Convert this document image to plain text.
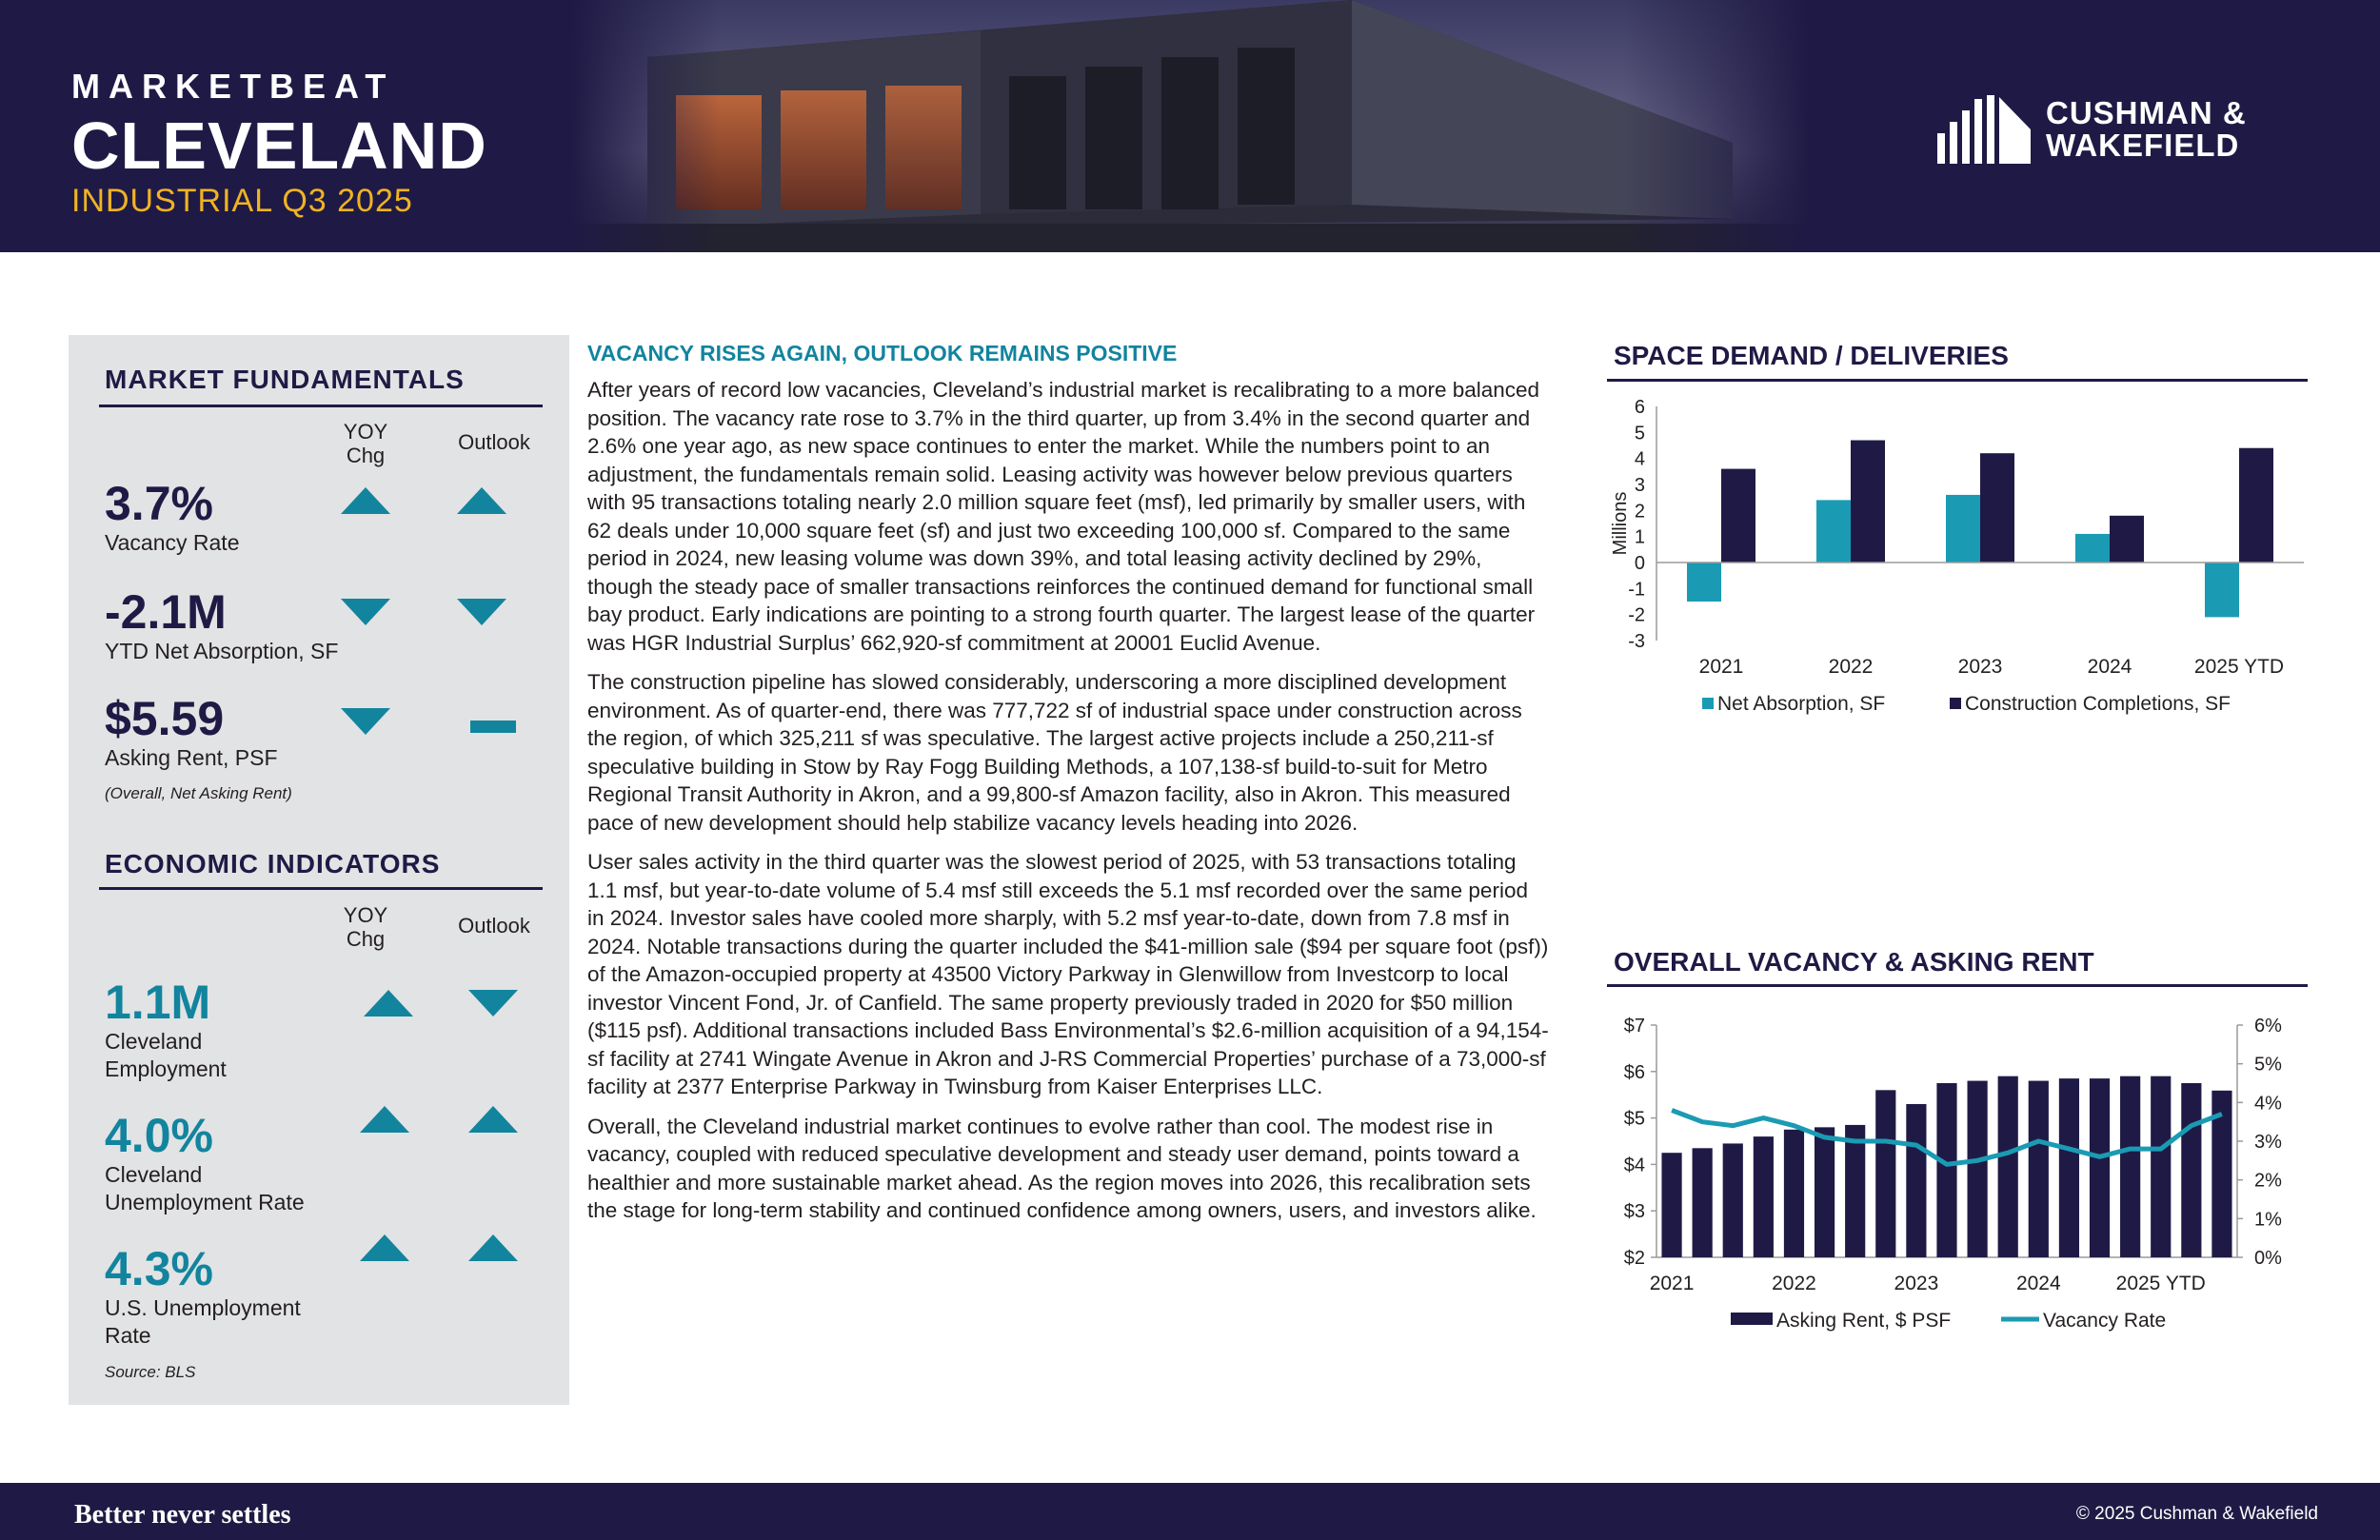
MARKETBEAT
CLEVELAND
INDUSTRIAL Q3 2025
CUSHMAN &
WAKEFIELD
MARKET FUNDAMENTALS
YOY Chg
Outlook
3.7%
Vacancy Rate
-2.1M
YTD Net Absorption, SF
$5.59
Asking Rent, PSF
(Overall, Net Asking Rent)
ECONOMIC INDICATORS
YOY Chg
Outlook
1.1M
Cleveland
Employment
4.0%
Cleveland
Unemployment Rate
4.3%
U.S. Unemployment
Rate
Source: BLS
VACANCY RISES AGAIN, OUTLOOK REMAINS POSITIVE

After years of record low vacancies, Cleveland’s industrial market is recalibrating to a more balanced position. The vacancy rate rose to 3.7% in the third quarter, up from 3.4% in the second quarter and 2.6% one year ago, as new space continues to enter the market. While the numbers point to an adjustment, the fundamentals remain solid. Leasing activity was however below previous quarters with 95 transactions totaling nearly 2.0 million square feet (msf), led primarily by smaller users, with 62 deals under 10,000 square feet (sf) and just two exceeding 100,000 sf. Compared to the same period in 2024, new leasing volume was down 39%, and total leasing activity declined by 29%, though the steady pace of smaller transactions reinforces the continued demand for functional small bay product. Early indications are pointing to a strong fourth quarter. The largest lease of the quarter was HGR Industrial Surplus’ 662,920-sf commitment at 20001 Euclid Avenue.

The construction pipeline has slowed considerably, underscoring a more disciplined development environment. As of quarter-end, there was 777,722 sf of industrial space under construction across the region, of which 325,211 sf was speculative. The largest active projects include a 250,211-sf speculative building in Stow by Ray Fogg Building Methods, a 107,138-sf build-to-suit for Metro Regional Transit Authority in Akron, and a 99,800-sf Amazon facility, also in Akron. This measured pace of new development should help stabilize vacancy levels heading into 2026.

User sales activity in the third quarter was the slowest period of 2025, with 53 transactions totaling 1.1 msf, but year-to-date volume of 5.4 msf still exceeds the 5.1 msf recorded over the same period in 2024. Investor sales have cooled more sharply, with 5.2 msf year-to-date, down from 7.8 msf in 2024. Notable transactions during the quarter included the $41-million sale ($94 per square foot (psf)) of the Amazon-occupied property at 43500 Victory Parkway in Glenwillow from Investcorp to local investor Vincent Fond, Jr. of Canfield. The same property previously traded in 2020 for $50 million ($115 psf). Additional transactions included Bass Environmental’s $2.6-million acquisition of a 94,154-sf facility at 2741 Wingate Avenue in Akron and J-RS Commercial Properties’ purchase of a 73,000-sf facility at 2377 Enterprise Parkway in Twinsburg from Kaiser Enterprises LLC.

Overall, the Cleveland industrial market continues to evolve rather than cool. The modest rise in vacancy, coupled with reduced speculative development and steady user demand, points toward a healthier and more sustainable market ahead. As the region moves into 2026, this recalibration sets the stage for long-term stability and continued confidence among owners, users, and investors alike.

SPACE DEMAND / DELIVERIES
-3
-2
-1
0
1
2
3
4
5
6
Millions
2021	2022	2023	2024	2025 YTD
Net Absorption, SF	Construction Completions, SF
OVERALL VACANCY & ASKING RENT
$2
$3
$4
$5
$6
$7
0%
1%
2%
3%
4%
5%
6%
2021	2022	2023	2024	2025 YTD
Asking Rent, $ PSF	Vacancy Rate
Better never settles	© 2025 Cushman & Wakefield
